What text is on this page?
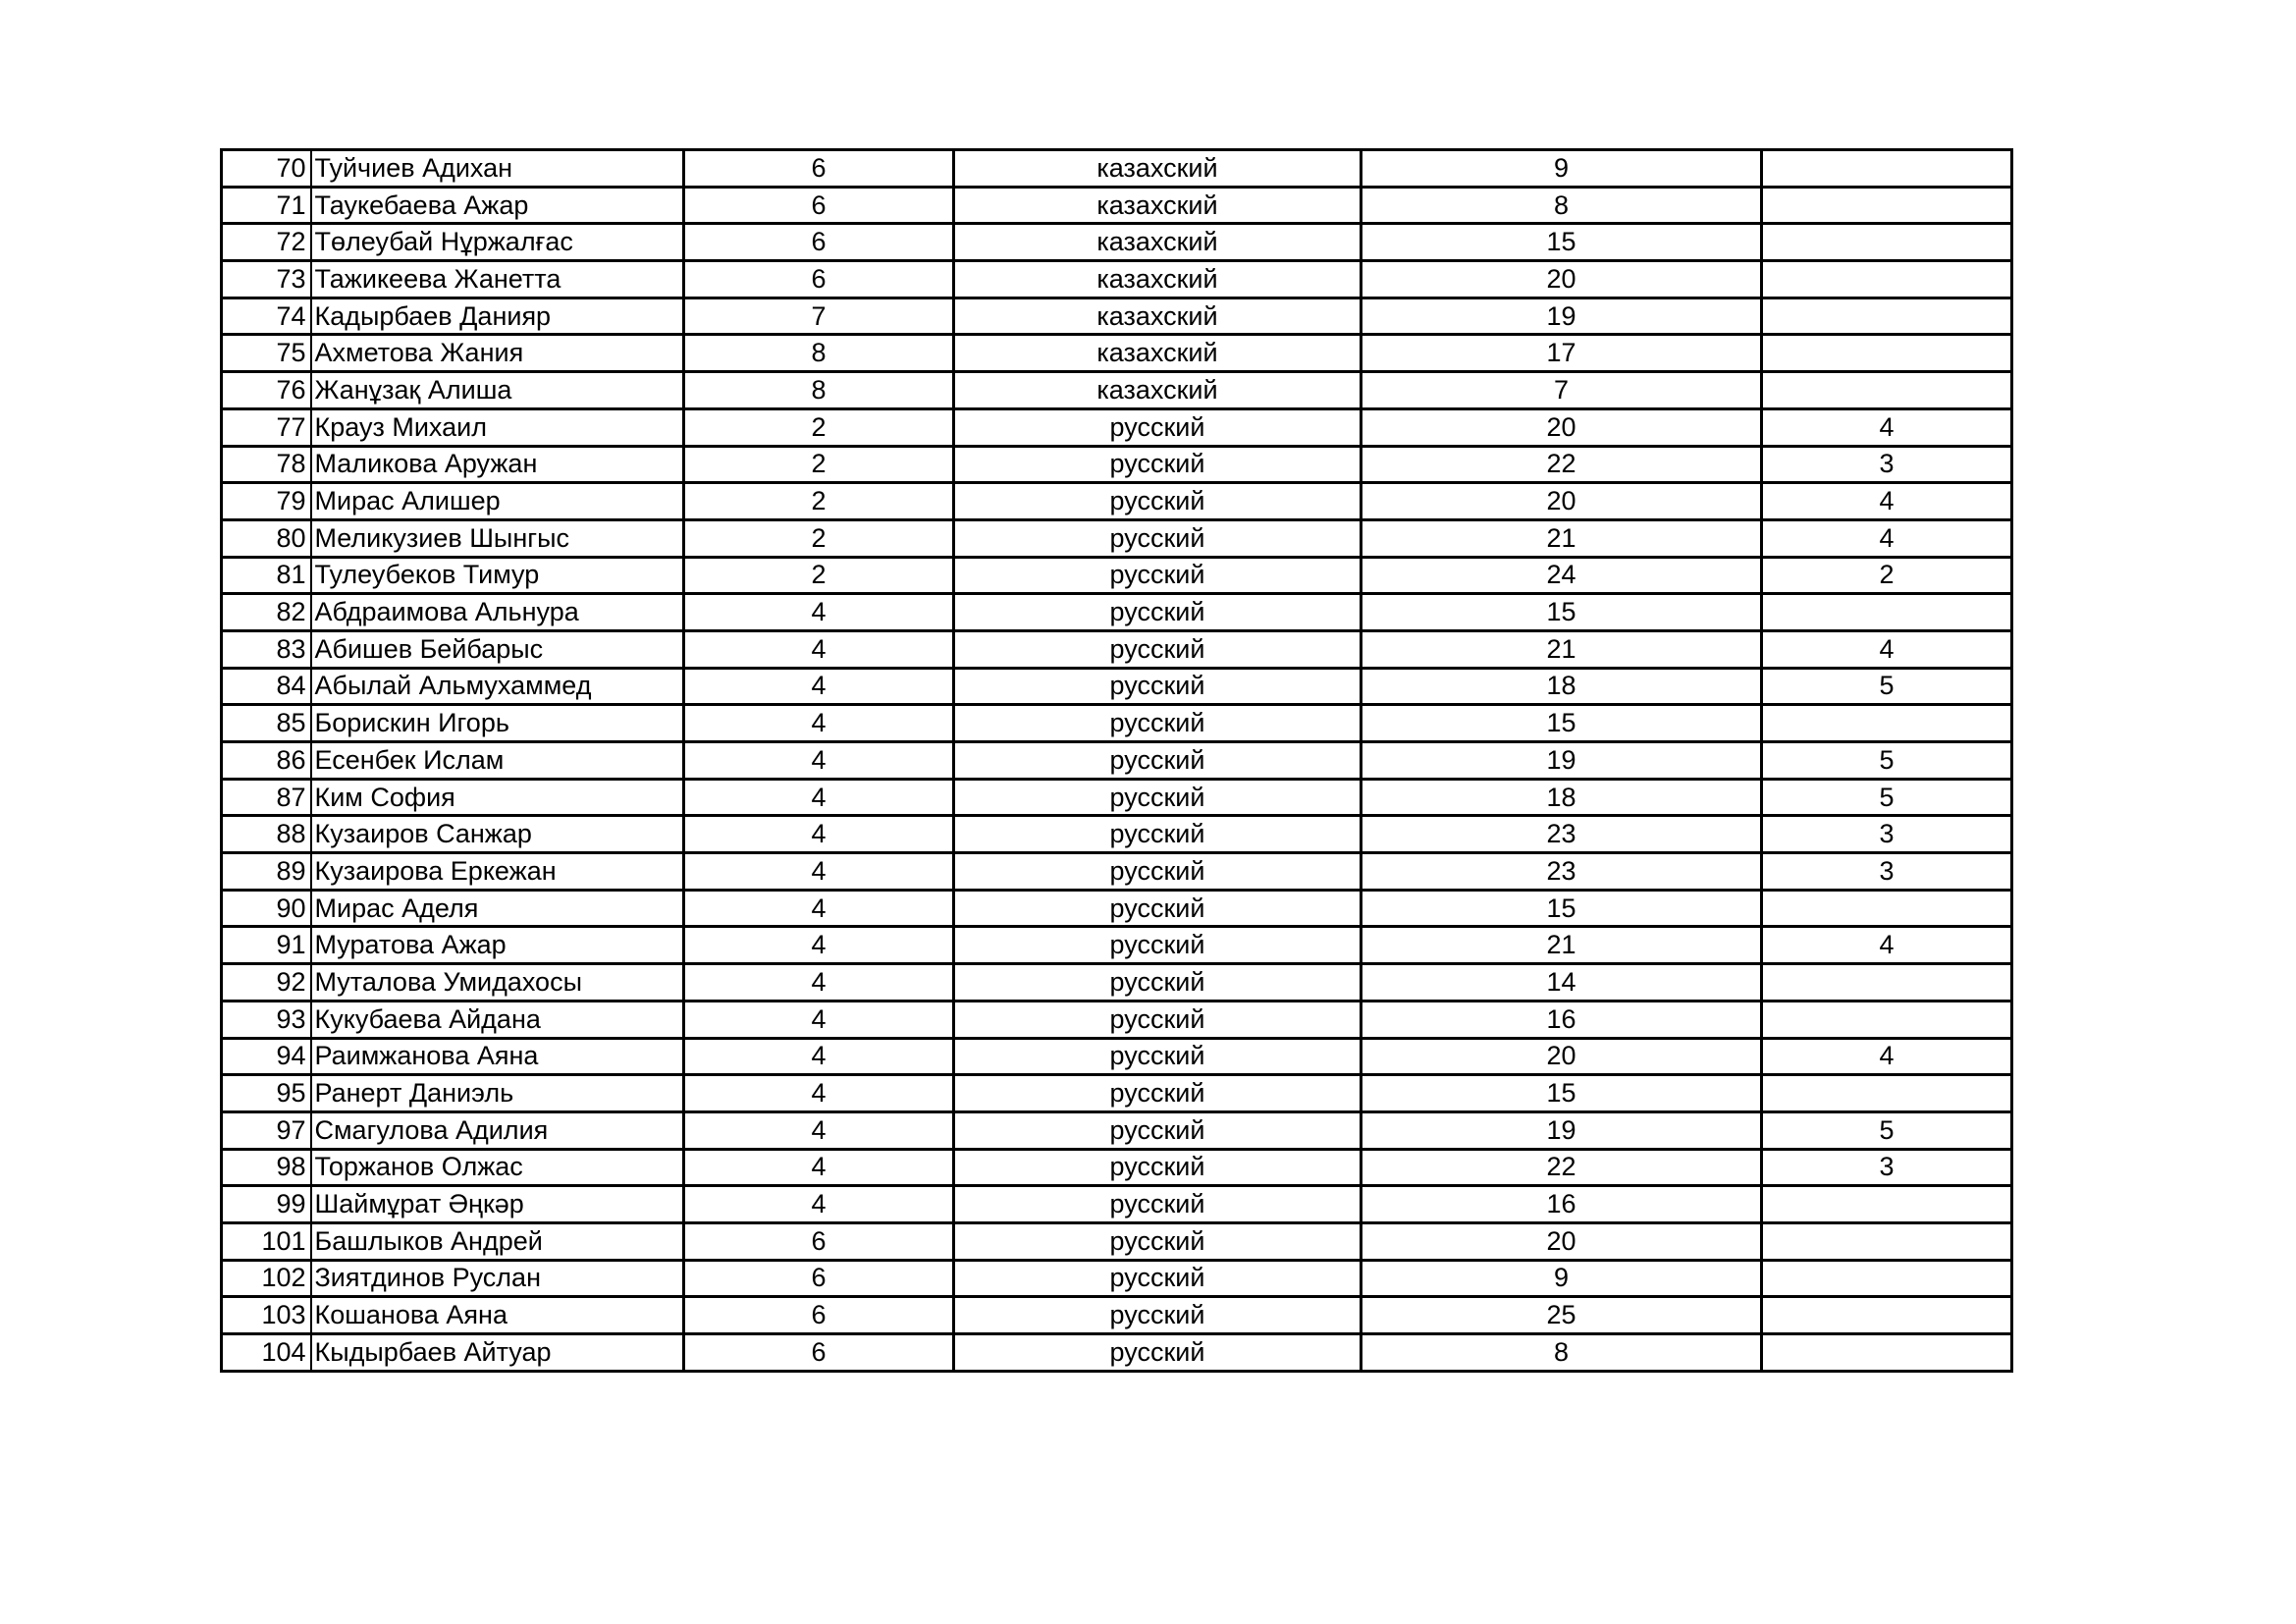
70	Туйчиев Адихан	6	казахский	9	
71	Таукебаева Ажар	6	казахский	8	
72	Төлеубай Нұржалғас	6	казахский	15	
73	Тажикеева Жанетта	6	казахский	20	
74	Кадырбаев Данияр	7	казахский	19	
75	Ахметова Жания	8	казахский	17	
76	Жанұзақ Алиша	8	казахский	7	
77	Крауз Михаил	2	русский	20	4
78	Маликова Аружан	2	русский	22	3
79	Мирас Алишер	2	русский	20	4
80	Меликузиев Шынгыс	2	русский	21	4
81	Тулеубеков Тимур	2	русский	24	2
82	Абдраимова Альнура	4	русский	15	
83	Абишев Бейбарыс	4	русский	21	4
84	Абылай Альмухаммед	4	русский	18	5
85	Борискин Игорь	4	русский	15	
86	Есенбек Ислам	4	русский	19	5
87	Ким София	4	русский	18	5
88	Кузаиров Санжар	4	русский	23	3
89	Кузаирова Еркежан	4	русский	23	3
90	Мирас Аделя	4	русский	15	
91	Муратова Ажар	4	русский	21	4
92	Муталова Умидахосы	4	русский	14	
93	Кукубаева Айдана	4	русский	16	
94	Раимжанова Аяна	4	русский	20	4
95	Ранерт Даниэль	4	русский	15	
97	Смагулова Адилия	4	русский	19	5
98	Торжанов Олжас	4	русский	22	3
99	Шаймұрат Әңкәр	4	русский	16	
101	Башлыков Андрей	6	русский	20	
102	Зиятдинов Руслан	6	русский	9	
103	Кошанова Аяна	6	русский	25	
104	Кыдырбаев Айтуар	6	русский	8	
